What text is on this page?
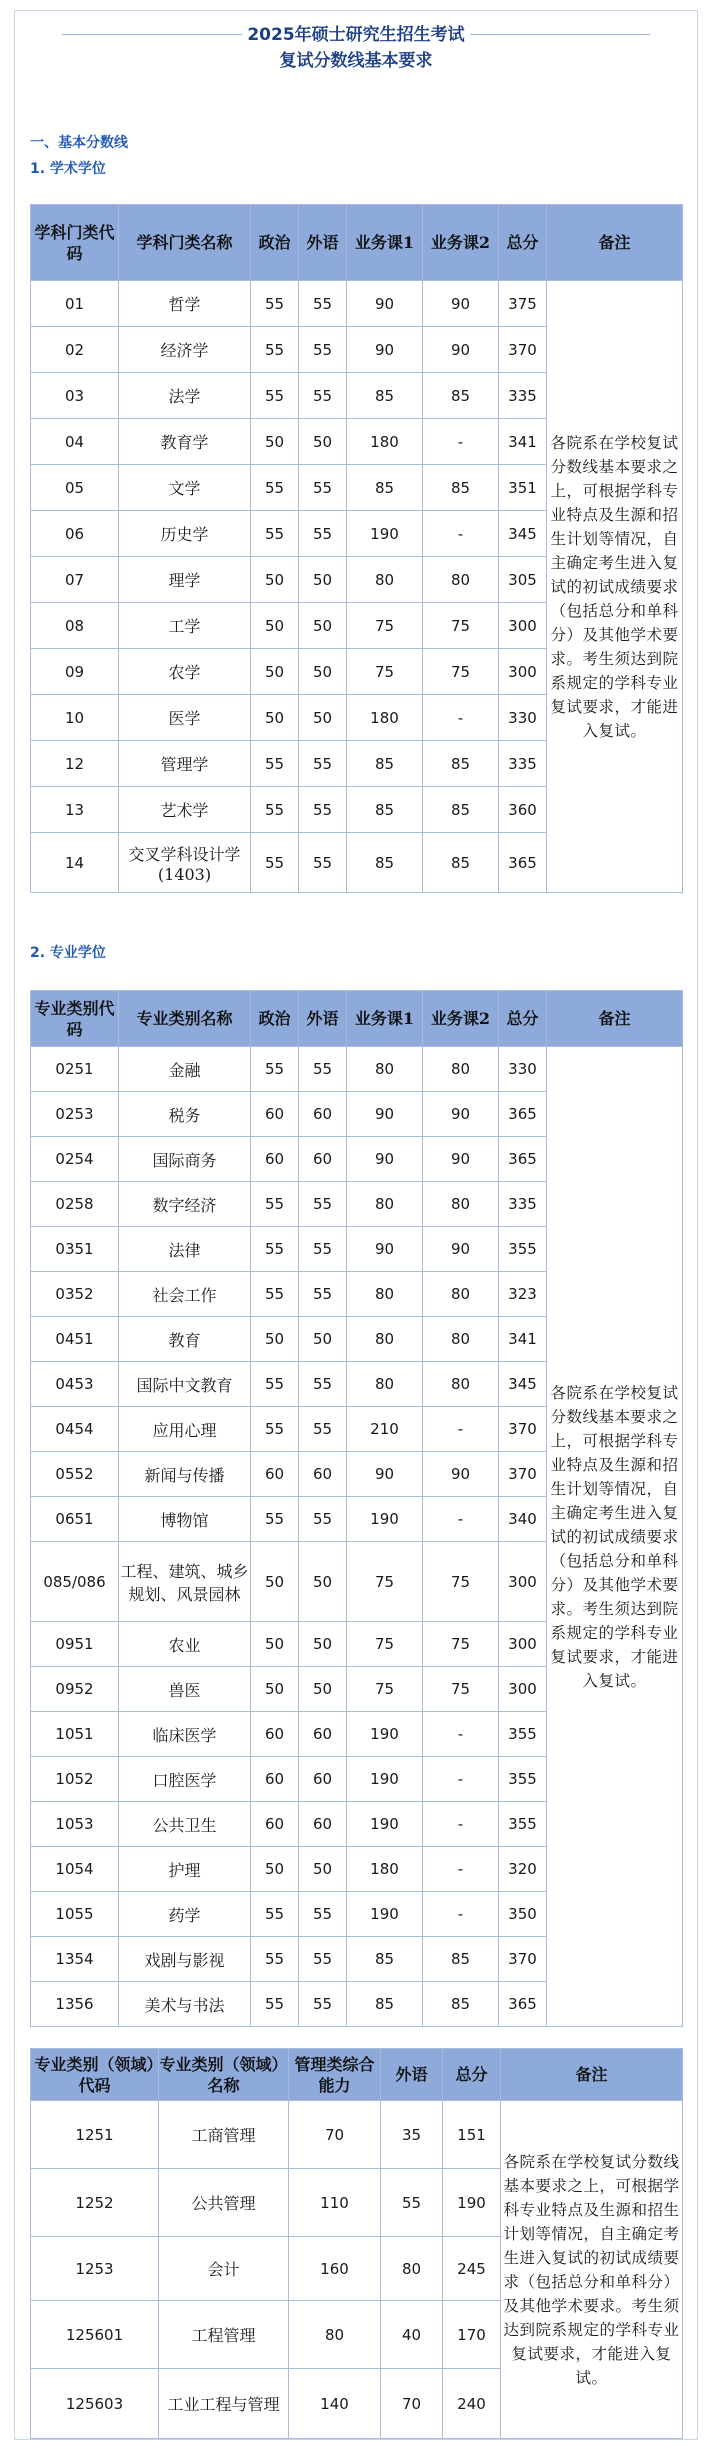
2025年硕士研究生招生考试
复试分数线基本要求
一、基本分数线
1. 学术学位
学科门类代码	学科门类名称	政治	外语	业务课1	业务课2	总分	备注
01	哲学	55	55	90	90	375	各院系在学校复试分数线基本要求之上，可根据学科专业特点及生源和招生计划等情况，自主确定考生进入复试的初试成绩要求（包括总分和单科分）及其他学术要求。考生须达到院系规定的学科专业复试要求，才能进入复试。
02	经济学	55	55	90	90	370	
03	法学	55	55	85	85	335	
04	教育学	50	50	180	-	341	
05	文学	55	55	85	85	351	
06	历史学	55	55	190	-	345	
07	理学	50	50	80	80	305	
08	工学	50	50	75	75	300	
09	农学	50	50	75	75	300	
10	医学	50	50	180	-	330	
12	管理学	55	55	85	85	335	
13	艺术学	55	55	85	85	360	
14	交叉学科设计学(1403)	55	55	85	85	365	
2. 专业学位
专业类别代码	专业类别名称	政治	外语	业务课1	业务课2	总分	备注
0251	金融	55	55	80	80	330	各院系在学校复试分数线基本要求之上，可根据学科专业特点及生源和招生计划等情况，自主确定考生进入复试的初试成绩要求（包括总分和单科分）及其他学术要求。考生须达到院系规定的学科专业复试要求，才能进入复试。
0253	税务	60	60	90	90	365	
0254	国际商务	60	60	90	90	365	
0258	数字经济	55	55	80	80	335	
0351	法律	55	55	90	90	355	
0352	社会工作	55	55	80	80	323	
0451	教育	50	50	80	80	341	
0453	国际中文教育	55	55	80	80	345	
0454	应用心理	55	55	210	-	370	
0552	新闻与传播	60	60	90	90	370	
0651	博物馆	55	55	190	-	340	
085/086	工程、建筑、城乡规划、风景园林	50	50	75	75	300	
0951	农业	50	50	75	75	300	
0952	兽医	50	50	75	75	300	
1051	临床医学	60	60	190	-	355	
1052	口腔医学	60	60	190	-	355	
1053	公共卫生	60	60	190	-	355	
1054	护理	50	50	180	-	320	
1055	药学	55	55	190	-	350	
1354	戏剧与影视	55	55	85	85	370	
1356	美术与书法	55	55	85	85	365	
专业类别（领域）代码	专业类别（领域）名称	管理类综合能力	外语	总分	备注
1251	工商管理	70	35	151	各院系在学校复试分数线基本要求之上，可根据学科专业特点及生源和招生计划等情况，自主确定考生进入复试的初试成绩要求（包括总分和单科分）及其他学术要求。考生须达到院系规定的学科专业复试要求，才能进入复试。
1252	公共管理	110	55	190	
1253	会计	160	80	245	
125601	工程管理	80	40	170	
125603	工业工程与管理	140	70	240	
